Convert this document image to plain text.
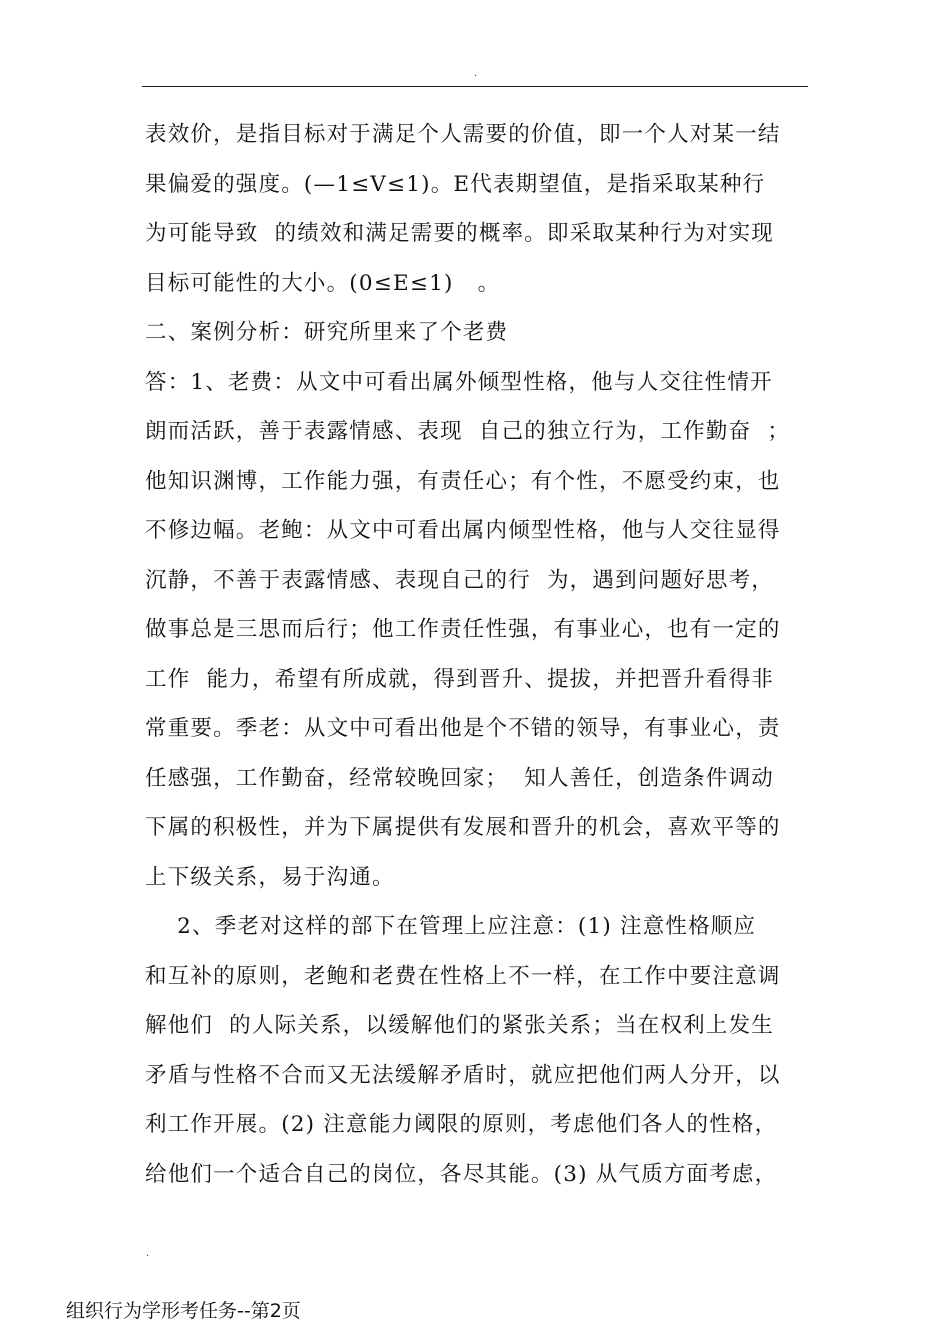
.
表效价，是指目标对于满足个人需要的价值，即一个人对某一结
果偏爱的强度。(—1≤V≤1)。E代表期望值，是指采取某种行
为可能导致  的绩效和满足需要的概率。即采取某种行为对实现
目标可能性的大小。(0≤E≤1)   。
二、案例分析：研究所里来了个老费
答：1、老费：从文中可看出属外倾型性格，他与人交往性情开
朗而活跃，善于表露情感、表现  自己的独立行为，工作勤奋  ；
他知识渊博，工作能力强，有责任心；有个性，不愿受约束，也
不修边幅。老鲍：从文中可看出属内倾型性格，他与人交往显得
沉静，不善于表露情感、表现自己的行  为，遇到问题好思考，
做事总是三思而后行；他工作责任性强，有事业心，也有一定的
工作  能力，希望有所成就，得到晋升、提拔，并把晋升看得非
常重要。季老：从文中可看出他是个不错的领导，有事业心，责
任感强，工作勤奋，经常较晚回家；  知人善任，创造条件调动
下属的积极性，并为下属提供有发展和晋升的机会，喜欢平等的
上下级关系，易于沟通。
2、季老对这样的部下在管理上应注意：(1) 注意性格顺应
和互补的原则，老鲍和老费在性格上不一样，在工作中要注意调
解他们  的人际关系，以缓解他们的紧张关系；当在权利上发生
矛盾与性格不合而又无法缓解矛盾时，就应把他们两人分开，以
利工作开展。(2) 注意能力阈限的原则，考虑他们各人的性格，
给他们一个适合自己的岗位，各尽其能。(3) 从气质方面考虑，
.
组织行为学形考任务--第2页
